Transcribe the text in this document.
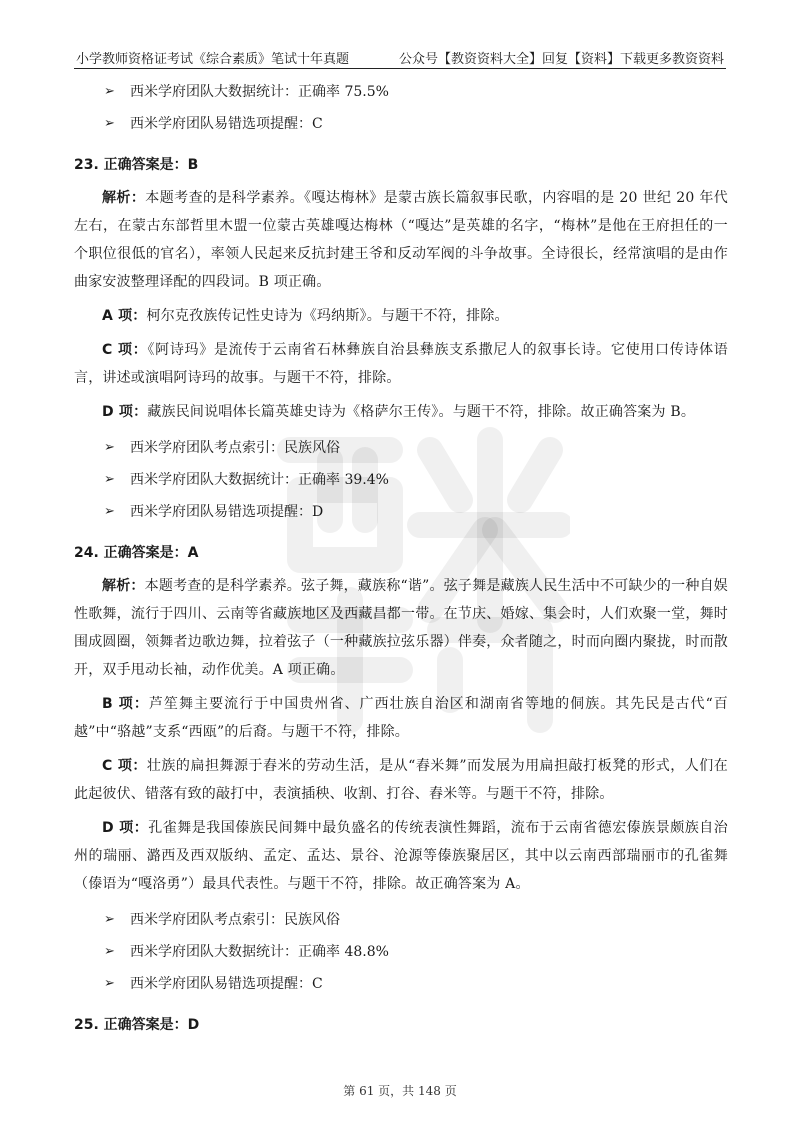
小学教师资格证考试《综合素质》笔试十年真题	公众号【教资资料大全】回复【资料】下载更多教资资料
➢ 西米学府团队大数据统计：正确率 75.5%
➢ 西米学府团队易错选项提醒：C
23. 正确答案是：B

解析：本题考查的是科学素养。《嘎达梅林》是蒙古族长篇叙事民歌，内容唱的是 20 世纪 20 年代左右，在蒙古东部哲里木盟一位蒙古英雄嘎达梅林（“嘎达”是英雄的名字，“梅林”是他在王府担任的一个职位很低的官名），率领人民起来反抗封建王爷和反动军阀的斗争故事。全诗很长，经常演唱的是由作曲家安波整理译配的四段词。B 项正确。

A 项：柯尔克孜族传记性史诗为《玛纳斯》。与题干不符，排除。

C 项：《阿诗玛》是流传于云南省石林彝族自治县彝族支系撒尼人的叙事长诗。它使用口传诗体语言，讲述或演唱阿诗玛的故事。与题干不符，排除。

D 项：藏族民间说唱体长篇英雄史诗为《格萨尔王传》。与题干不符，排除。故正确答案为 B。

➢ 西米学府团队考点索引：民族风俗
➢ 西米学府团队大数据统计：正确率 39.4%
➢ 西米学府团队易错选项提醒：D
24. 正确答案是：A

解析：本题考查的是科学素养。弦子舞，藏族称“谐”。弦子舞是藏族人民生活中不可缺少的一种自娱性歌舞，流行于四川、云南等省藏族地区及西藏昌都一带。在节庆、婚嫁、集会时，人们欢聚一堂，舞时围成圆圈，领舞者边歌边舞，拉着弦子（一种藏族拉弦乐器）伴奏，众者随之，时而向圈内聚拢，时而散开，双手甩动长袖，动作优美。A 项正确。

B 项：芦笙舞主要流行于中国贵州省、广西壮族自治区和湖南省等地的侗族。其先民是古代“百越”中“骆越”支系“西瓯”的后裔。与题干不符，排除。

C 项：壮族的扁担舞源于舂米的劳动生活，是从“舂米舞”而发展为用扁担敲打板凳的形式，人们在此起彼伏、错落有致的敲打中，表演插秧、收割、打谷、舂米等。与题干不符，排除。

D 项：孔雀舞是我国傣族民间舞中最负盛名的传统表演性舞蹈，流布于云南省德宏傣族景颇族自治州的瑞丽、潞西及西双版纳、孟定、孟达、景谷、沧源等傣族聚居区，其中以云南西部瑞丽市的孔雀舞（傣语为“嘎洛勇”）最具代表性。与题干不符，排除。故正确答案为 A。

➢ 西米学府团队考点索引：民族风俗
➢ 西米学府团队大数据统计：正确率 48.8%
➢ 西米学府团队易错选项提醒：C
25. 正确答案是：D
第 61 页，共 148 页
